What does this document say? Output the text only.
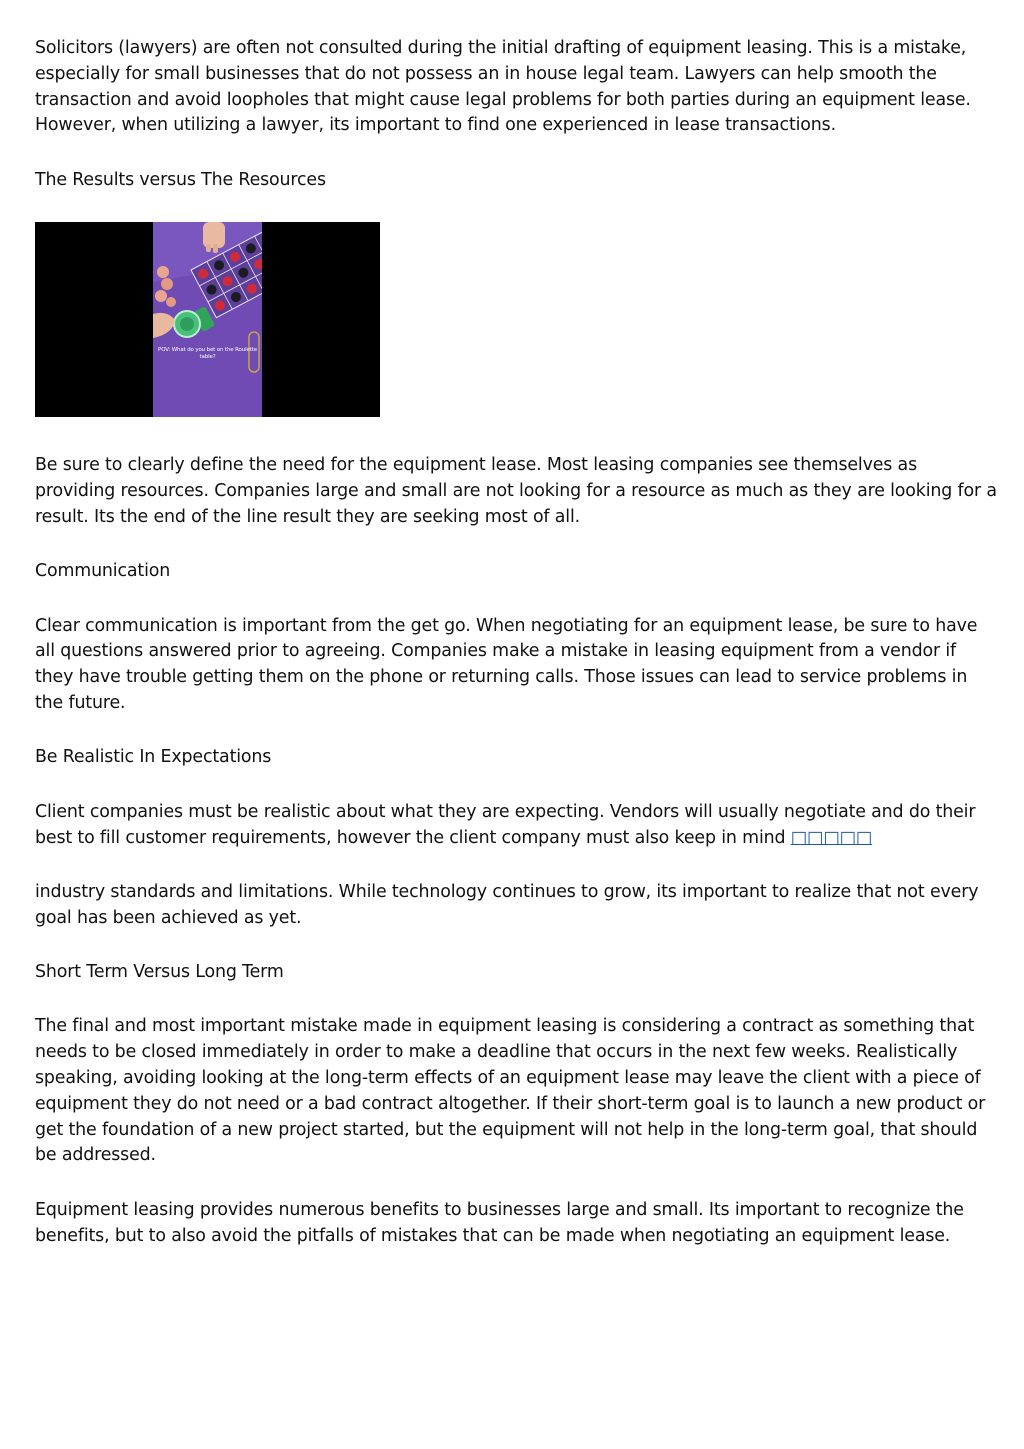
Solicitors (lawyers) are often not consulted during the initial drafting of equipment leasing. This is a mistake, especially for small businesses that do not possess an in house legal team. Lawyers can help smooth the transaction and avoid loopholes that might cause legal problems for both parties during an equipment lease. However, when utilizing a lawyer, its important to find one experienced in lease transactions.

The Results versus The Resources

POV: What do you bet on the Roulette table?

Be sure to clearly define the need for the equipment lease. Most leasing companies see themselves as providing resources. Companies large and small are not looking for a resource as much as they are looking for a result. Its the end of the line result they are seeking most of all.

Communication

Clear communication is important from the get go. When negotiating for an equipment lease, be sure to have all questions answered prior to agreeing. Companies make a mistake in leasing equipment from a vendor if they have trouble getting them on the phone or returning calls. Those issues can lead to service problems in the future.

Be Realistic In Expectations

Client companies must be realistic about what they are expecting. Vendors will usually negotiate and do their best to fill customer requirements, however the client company must also keep in mind □□□□□

industry standards and limitations. While technology continues to grow, its important to realize that not every goal has been achieved as yet.

Short Term Versus Long Term

The final and most important mistake made in equipment leasing is considering a contract as something that needs to be closed immediately in order to make a deadline that occurs in the next few weeks. Realistically speaking, avoiding looking at the long-term effects of an equipment lease may leave the client with a piece of equipment they do not need or a bad contract altogether. If their short-term goal is to launch a new product or get the foundation of a new project started, but the equipment will not help in the long-term goal, that should be addressed.

Equipment leasing provides numerous benefits to businesses large and small. Its important to recognize the benefits, but to also avoid the pitfalls of mistakes that can be made when negotiating an equipment lease.
